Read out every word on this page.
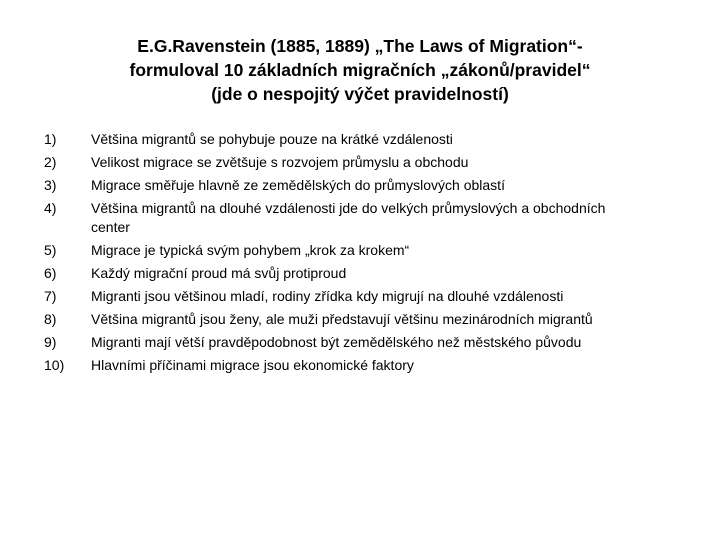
E.G.Ravenstein (1885, 1889) „The Laws of Migration“-
formuloval 10 základních migračních „zákonů/pravidel“
(jde o nespojitý výčet pravidelností)
1) Většina migrantů se pohybuje pouze na krátké vzdálenosti
2) Velikost migrace se zvětšuje s rozvojem průmyslu a obchodu
3) Migrace směřuje hlavně ze zemědělských do průmyslových oblastí
4) Většina migrantů na dlouhé vzdálenosti jde do velkých průmyslových a obchodních center
5) Migrace je typická svým pohybem „krok za krokem“
6) Každý migrační proud má svůj protiproud
7) Migranti jsou většinou mladí, rodiny zřídka kdy migrují na dlouhé vzdálenosti
8) Většina migrantů jsou ženy, ale muži představují většinu mezinárodních migrantů
9) Migranti mají větší pravděpodobnost být zemědělského než městského původu
10) Hlavními příčinami migrace jsou ekonomické faktory
